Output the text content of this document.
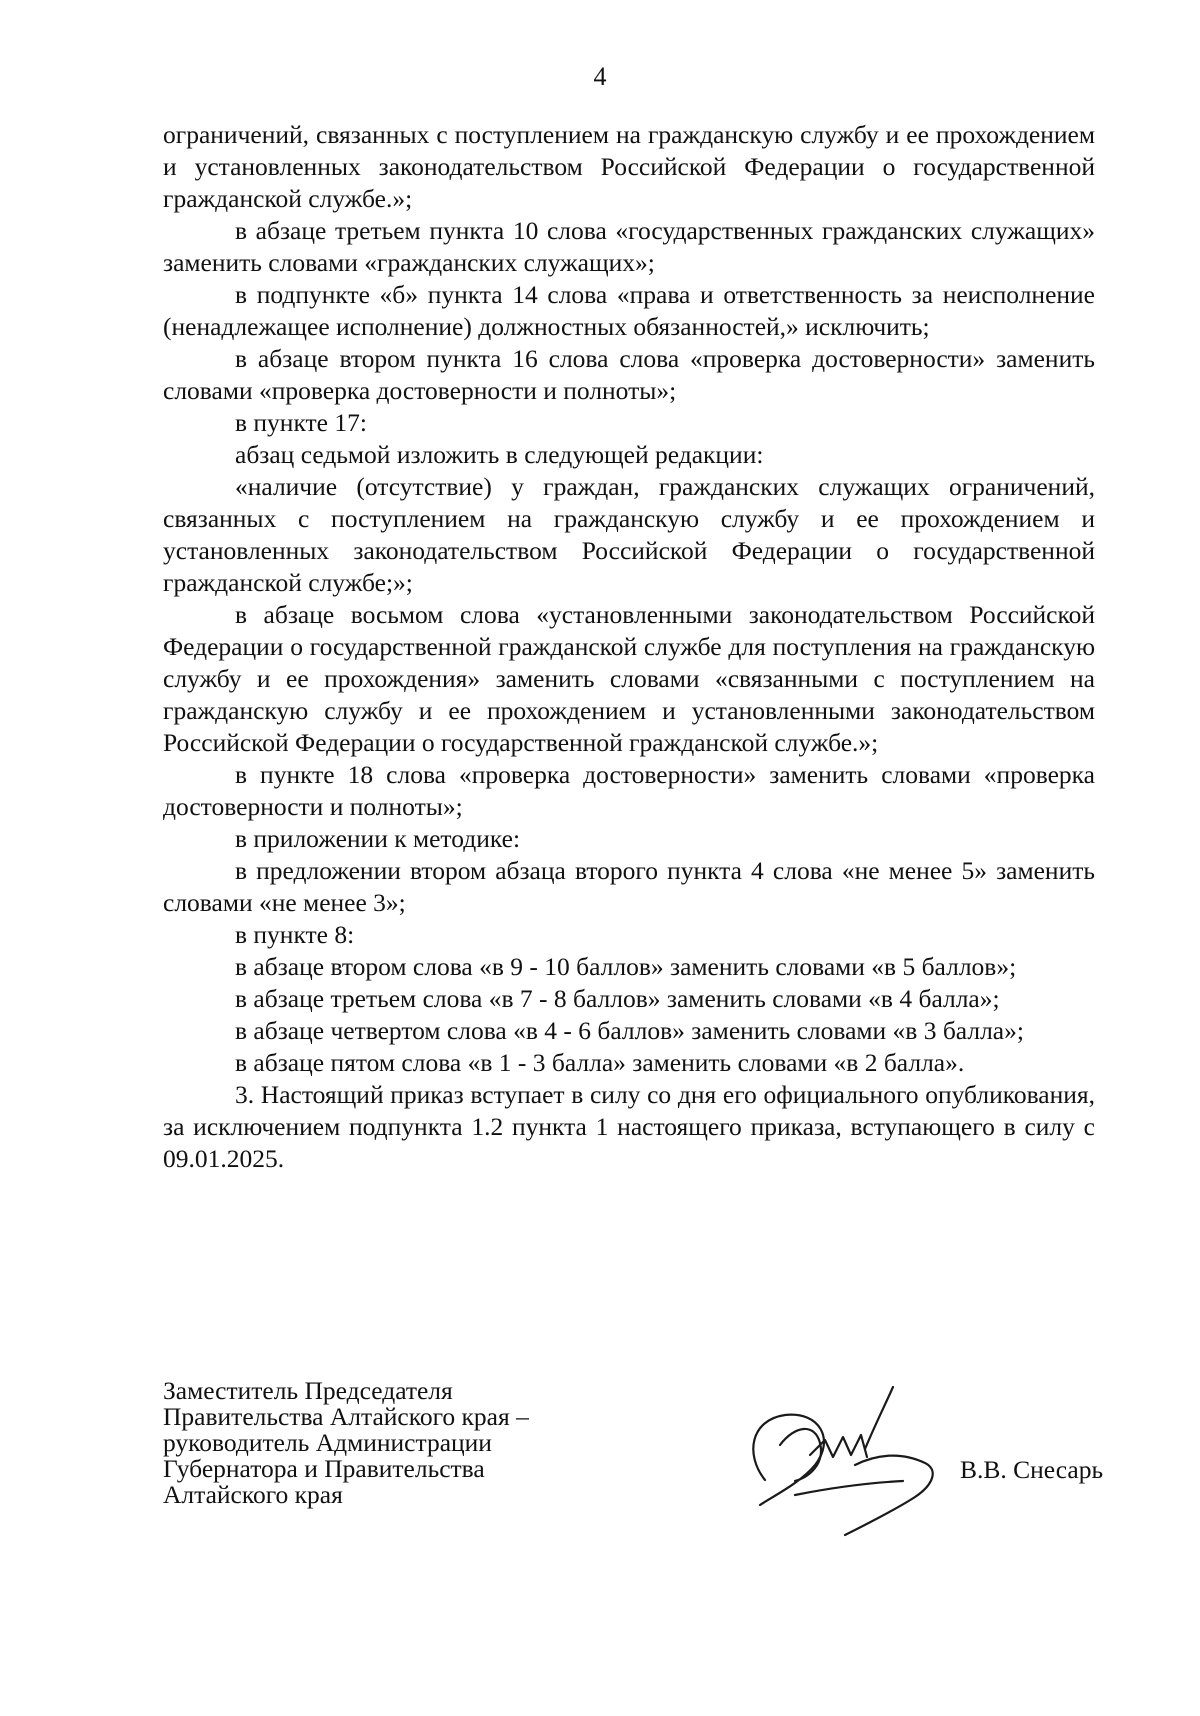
4

ограничений, связанных с поступлением на гражданскую службу и ее прохождением и установленных законодательством Российской Федерации о государственной гражданской службе.»;

в абзаце третьем пункта 10 слова «государственных гражданских служащих» заменить словами «гражданских служащих»;

в подпункте «б» пункта 14 слова «права и ответственность за неисполнение (ненадлежащее исполнение) должностных обязанностей,» исключить;

в абзаце втором пункта 16 слова слова «проверка достоверности» заменить словами «проверка достоверности и полноты»;

в пункте 17:

абзац седьмой изложить в следующей редакции:

«наличие (отсутствие) у граждан, гражданских служащих ограничений, связанных с поступлением на гражданскую службу и ее прохождением и установленных законодательством Российской Федерации о государственной гражданской службе;»;

в абзаце восьмом слова «установленными законодательством Российской Федерации о государственной гражданской службе для поступления на гражданскую службу и ее прохождения» заменить словами «связанными с поступлением на гражданскую службу и ее прохождением и установленными законодательством Российской Федерации о государственной гражданской службе.»;

в пункте 18 слова «проверка достоверности» заменить словами «проверка достоверности и полноты»;

в приложении к методике:

в предложении втором абзаца второго пункта 4 слова «не менее 5» заменить словами «не менее 3»;

в пункте 8:

в абзаце втором слова «в 9 - 10 баллов» заменить словами «в 5 баллов»;

в абзаце третьем слова «в 7 - 8 баллов» заменить словами «в 4 балла»;

в абзаце четвертом слова «в 4 - 6 баллов» заменить словами «в 3 балла»;

в абзаце пятом слова «в 1 - 3 балла» заменить словами «в 2 балла».

3. Настоящий приказ вступает в силу со дня его официального опубликования, за исключением подпункта 1.2 пункта 1 настоящего приказа, вступающего в силу с 09.01.2025.

Заместитель Председателя
Правительства Алтайского края –
руководитель Администрации
Губернатора и Правительства
Алтайского края
В.В. Снесарь
